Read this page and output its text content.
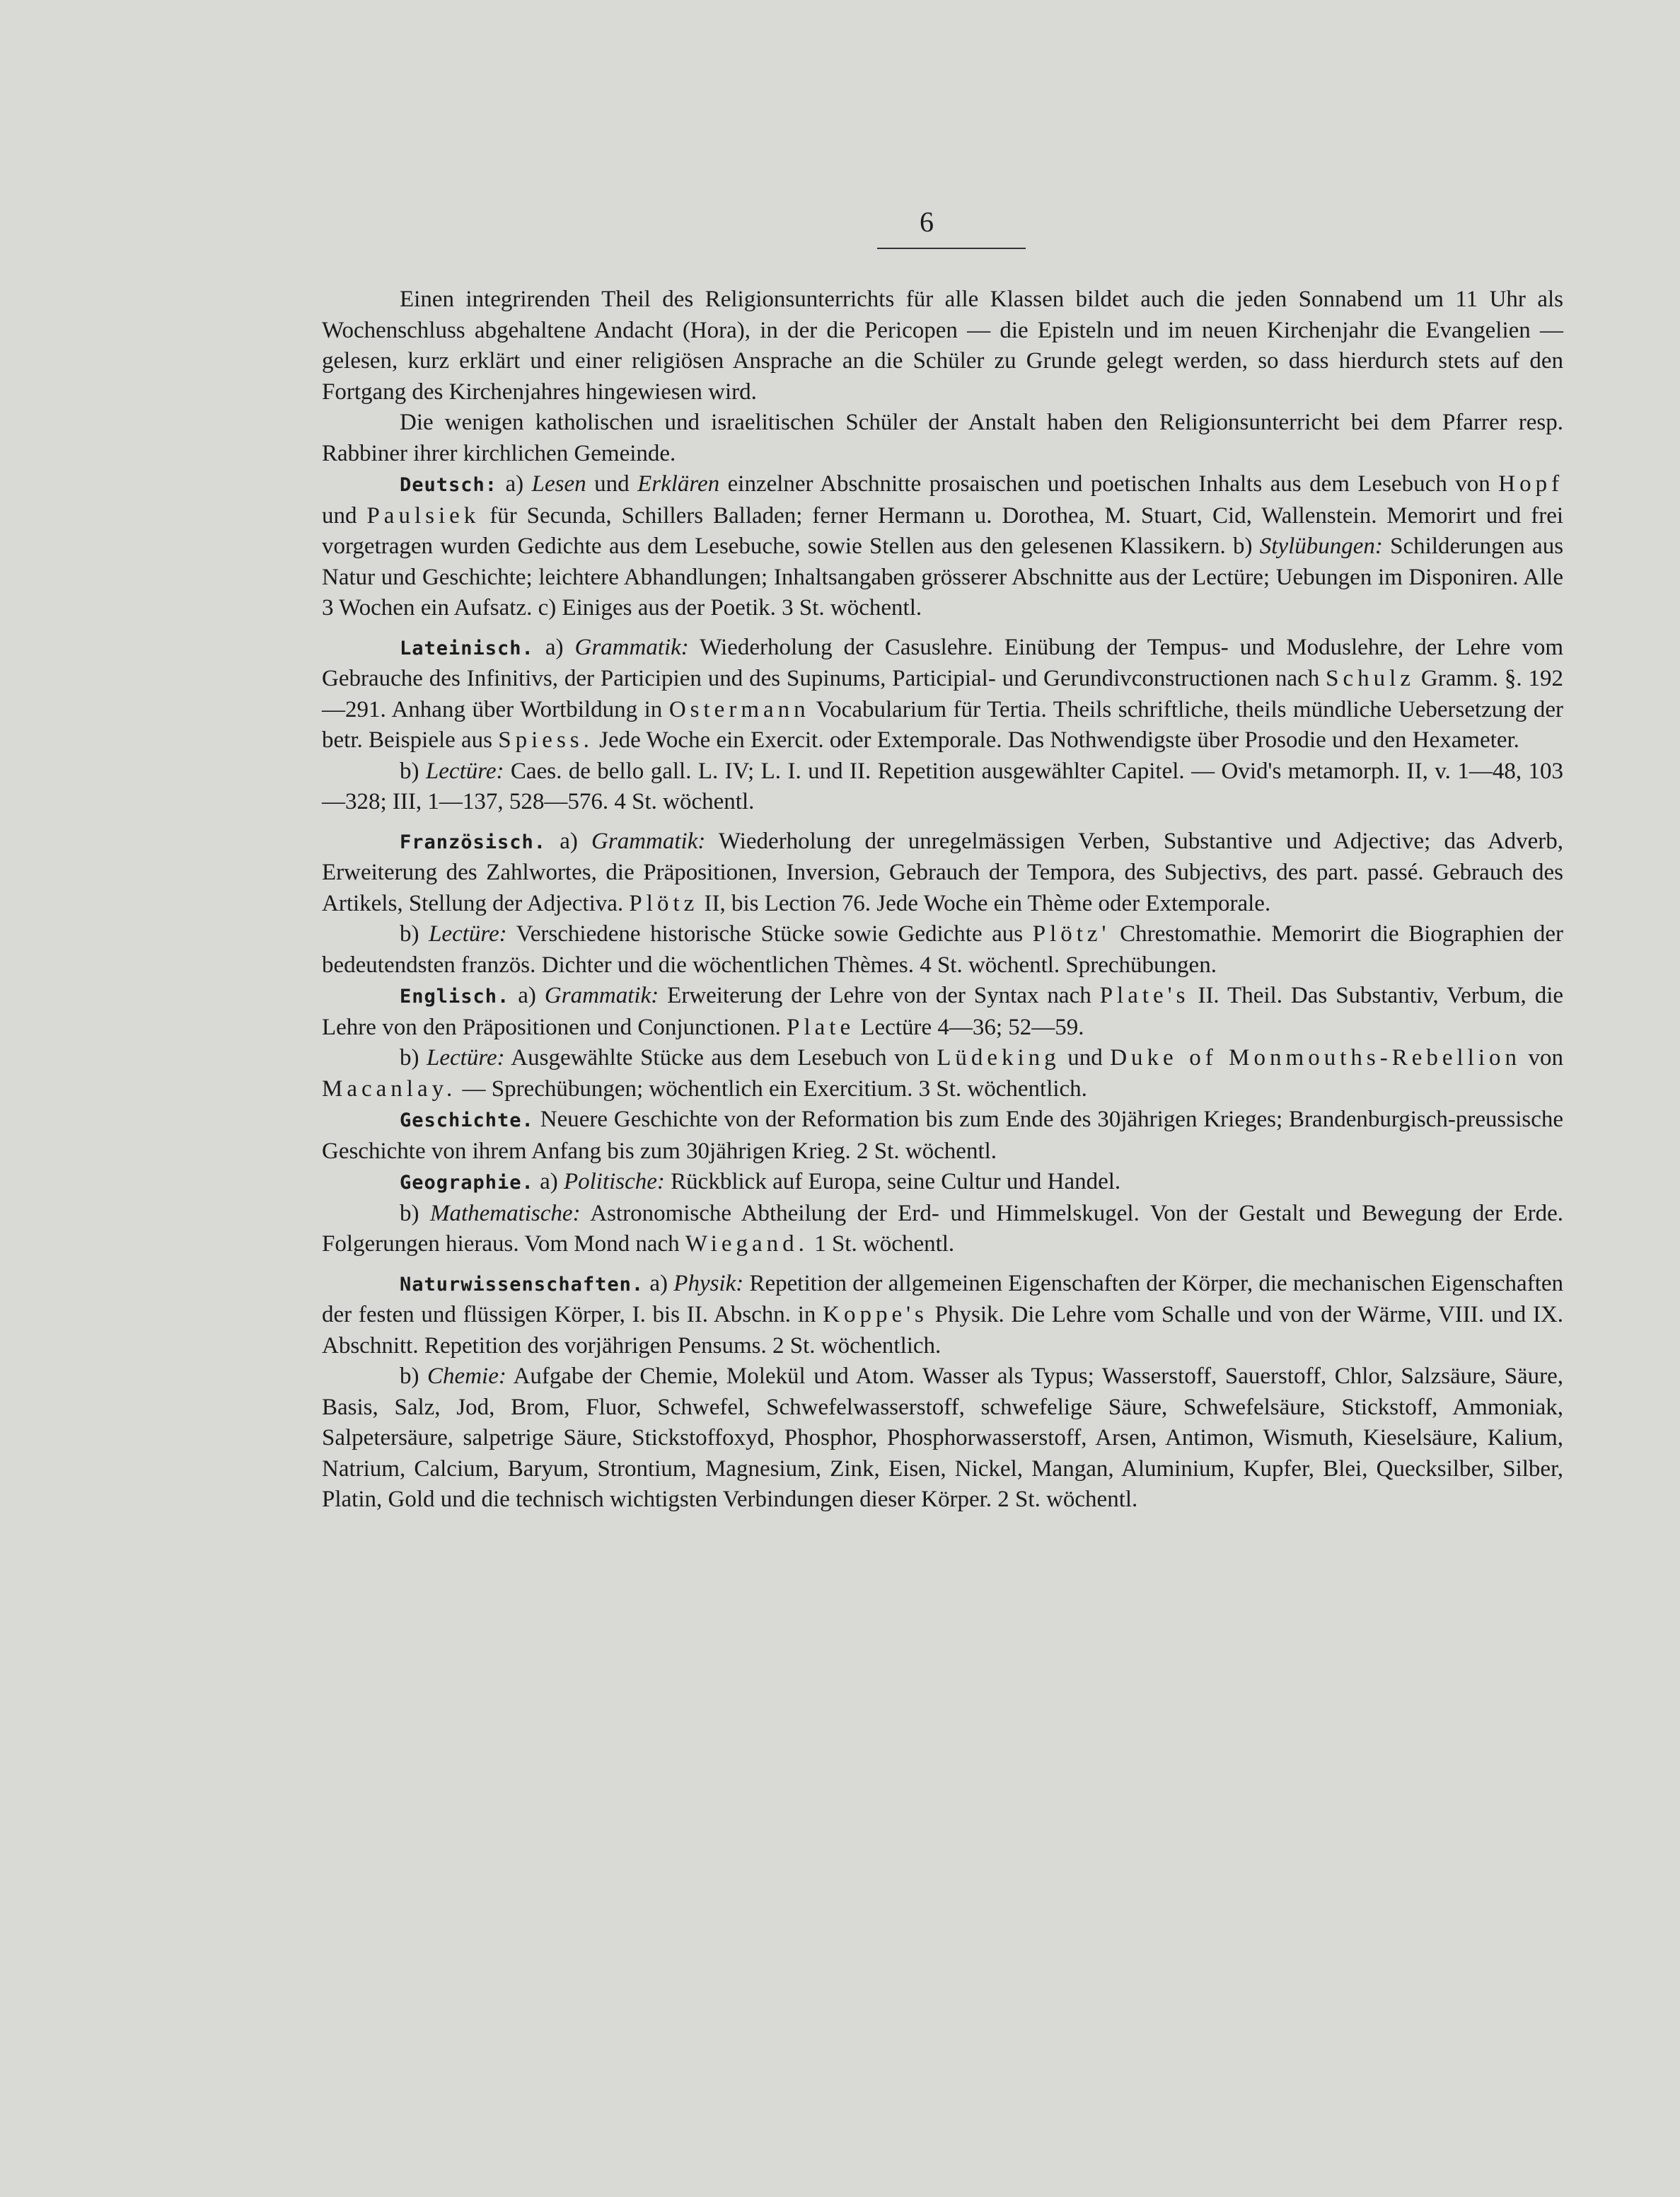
6

Einen integrirenden Theil des Religionsunterrichts für alle Klassen bildet auch die jeden Sonnabend um 11 Uhr als Wochenschluss abgehaltene Andacht (Hora), in der die Pericopen — die Episteln und im neuen Kirchenjahr die Evangelien — gelesen, kurz erklärt und einer religiösen Ansprache an die Schüler zu Grunde gelegt werden, so dass hierdurch stets auf den Fortgang des Kirchenjahres hingewiesen wird.

Die wenigen katholischen und israelitischen Schüler der Anstalt haben den Religionsunterricht bei dem Pfarrer resp. Rabbiner ihrer kirchlichen Gemeinde.

Deutsch: a) Lesen und Erklären einzelner Abschnitte prosaischen und poetischen Inhalts aus dem Lesebuch von Hopf und Paulsiek für Secunda, Schillers Balladen; ferner Hermann u. Dorothea, M. Stuart, Cid, Wallenstein. Memorirt und frei vorgetragen wurden Gedichte aus dem Lesebuche, sowie Stellen aus den gelesenen Klassikern. b) Stylübungen: Schilderungen aus Natur und Geschichte; leichtere Abhandlungen; Inhaltsangaben grösserer Abschnitte aus der Lectüre; Uebungen im Disponiren. Alle 3 Wochen ein Aufsatz. c) Einiges aus der Poetik. 3 St. wöchentl.

Lateinisch. a) Grammatik: Wiederholung der Casuslehre. Einübung der Tempus- und Moduslehre, der Lehre vom Gebrauche des Infinitivs, der Participien und des Supinums, Participial- und Gerundivconstructionen nach Schulz Gramm. §. 192—291. Anhang über Wortbildung in Ostermann Vocabularium für Tertia. Theils schriftliche, theils mündliche Uebersetzung der betr. Beispiele aus Spiess. Jede Woche ein Exercit. oder Extemporale. Das Nothwendigste über Prosodie und den Hexameter.

b) Lectüre: Caes. de bello gall. L. IV; L. I. und II. Repetition ausgewählter Capitel. — Ovid's metamorph. II, v. 1—48, 103—328; III, 1—137, 528—576. 4 St. wöchentl.

Französisch. a) Grammatik: Wiederholung der unregelmässigen Verben, Substantive und Adjective; das Adverb, Erweiterung des Zahlwortes, die Präpositionen, Inversion, Gebrauch der Tempora, des Subjectivs, des part. passé. Gebrauch des Artikels, Stellung der Adjectiva. Plötz II, bis Lection 76. Jede Woche ein Thème oder Extemporale.

b) Lectüre: Verschiedene historische Stücke sowie Gedichte aus Plötz' Chrestomathie. Memorirt die Biographien der bedeutendsten französ. Dichter und die wöchentlichen Thèmes. 4 St. wöchentl. Sprechübungen.

Englisch. a) Grammatik: Erweiterung der Lehre von der Syntax nach Plate's II. Theil. Das Substantiv, Verbum, die Lehre von den Präpositionen und Conjunctionen. Plate Lectüre 4—36; 52—59.

b) Lectüre: Ausgewählte Stücke aus dem Lesebuch von Lüdeking und Duke of Monmouths-Rebellion von Macanlay. — Sprechübungen; wöchentlich ein Exercitium. 3 St. wöchentlich.

Geschichte. Neuere Geschichte von der Reformation bis zum Ende des 30jährigen Krieges; Brandenburgisch-preussische Geschichte von ihrem Anfang bis zum 30jährigen Krieg. 2 St. wöchentl.

Geographie. a) Politische: Rückblick auf Europa, seine Cultur und Handel.

b) Mathematische: Astronomische Abtheilung der Erd- und Himmelskugel. Von der Gestalt und Bewegung der Erde. Folgerungen hieraus. Vom Mond nach Wiegand. 1 St. wöchentl.

Naturwissenschaften. a) Physik: Repetition der allgemeinen Eigenschaften der Körper, die mechanischen Eigenschaften der festen und flüssigen Körper, I. bis II. Abschn. in Koppe's Physik. Die Lehre vom Schalle und von der Wärme, VIII. und IX. Abschnitt. Repetition des vorjährigen Pensums. 2 St. wöchentlich.

b) Chemie: Aufgabe der Chemie, Molekül und Atom. Wasser als Typus; Wasserstoff, Sauerstoff, Chlor, Salzsäure, Säure, Basis, Salz, Jod, Brom, Fluor, Schwefel, Schwefelwasserstoff, schwefelige Säure, Schwefelsäure, Stickstoff, Ammoniak, Salpetersäure, salpetrige Säure, Stickstoffoxyd, Phosphor, Phosphorwasserstoff, Arsen, Antimon, Wismuth, Kieselsäure, Kalium, Natrium, Calcium, Baryum, Strontium, Magnesium, Zink, Eisen, Nickel, Mangan, Aluminium, Kupfer, Blei, Quecksilber, Silber, Platin, Gold und die technisch wichtigsten Verbindungen dieser Körper. 2 St. wöchentl.
